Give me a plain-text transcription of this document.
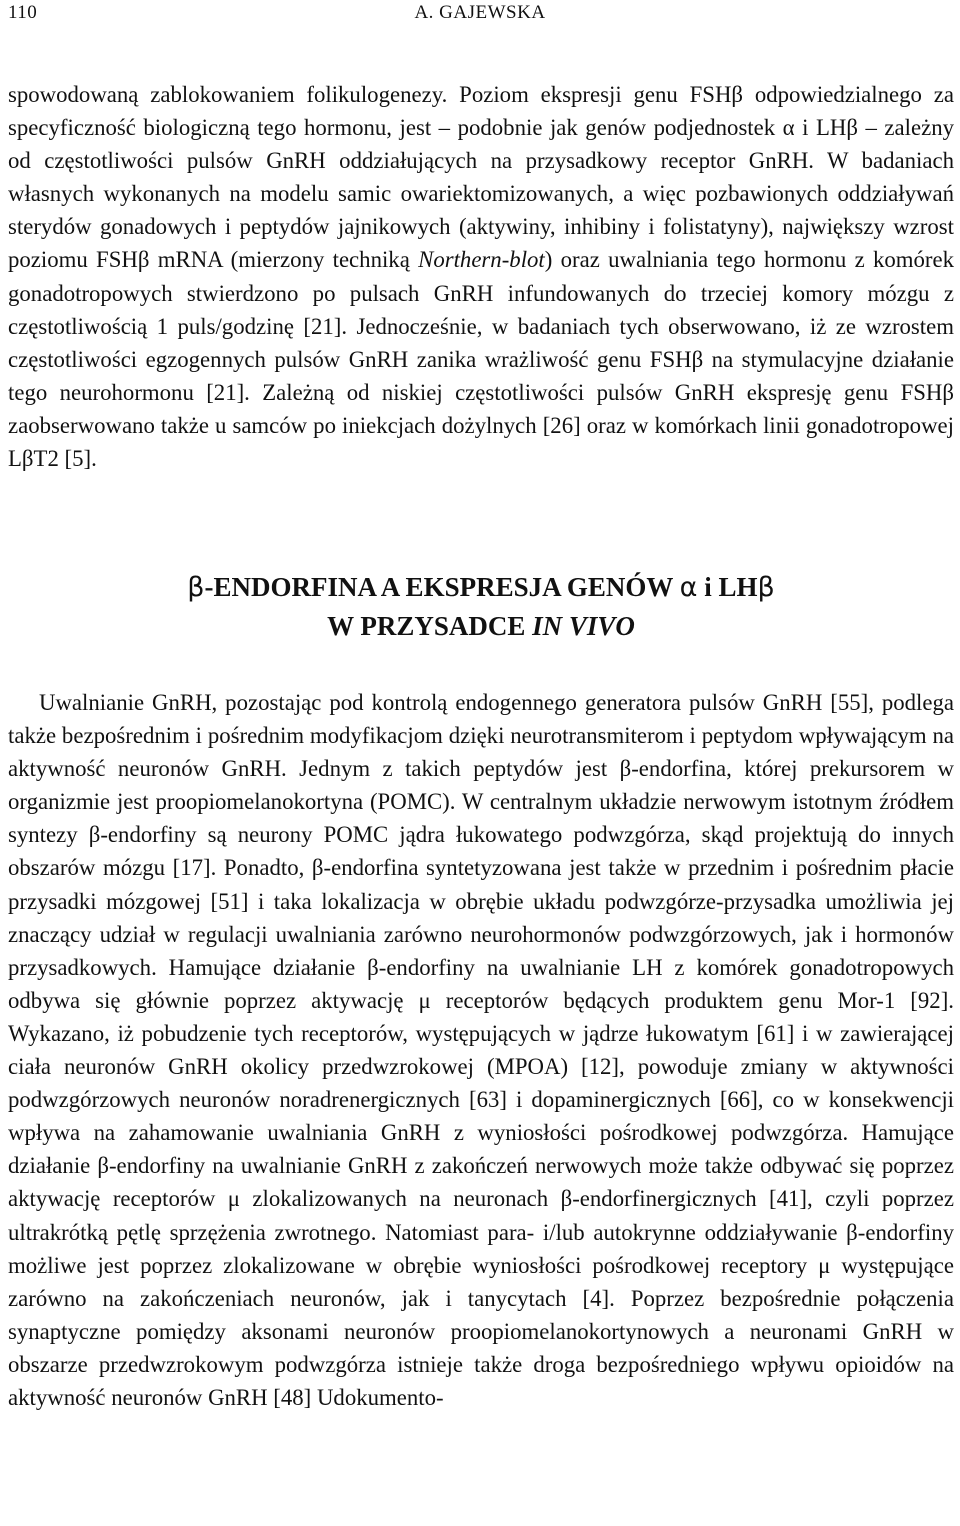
110	A. GAJEWSKA

spowodowaną zablokowaniem folikulogenezy. Poziom ekspresji genu FSHβ odpowiedzialnego za specyficzność biologiczną tego hormonu, jest – podobnie jak genów podjednostek α i LHβ – zależny od częstotliwości pulsów GnRH oddziałujących na przysadkowy receptor GnRH. W badaniach własnych wykonanych na modelu samic owariektomizowanych, a więc pozbawionych oddziaływań sterydów gonadowych i peptydów jajnikowych (aktywiny, inhibiny i folistatyny), największy wzrost poziomu FSHβ mRNA (mierzony techniką Northern-blot) oraz uwalniania tego hormonu z komórek gonadotropowych stwierdzono po pulsach GnRH infundowanych do trzeciej komory mózgu z częstotliwością 1 puls/godzinę [21]. Jednocześnie, w badaniach tych obserwowano, iż ze wzrostem częstotliwości egzogennych pulsów GnRH zanika wrażliwość genu FSHβ na stymulacyjne działanie tego neurohormonu [21]. Zależną od niskiej częstotliwości pulsów GnRH ekspresję genu FSHβ zaobserwowano także u samców po iniekcjach dożylnych [26] oraz w komórkach linii gonadotropowej LβT2 [5].

β-ENDORFINA A EKSPRESJA GENÓW α i LHβ
W PRZYSADCE IN VIVO

Uwalnianie GnRH, pozostając pod kontrolą endogennego generatora pulsów GnRH [55], podlega także bezpośrednim i pośrednim modyfikacjom dzięki neurotransmiterom i peptydom wpływającym na aktywność neuronów GnRH. Jednym z takich peptydów jest β-endorfina, której prekursorem w organizmie jest proopiomelanokortyna (POMC). W centralnym układzie nerwowym istotnym źródłem syntezy β-endorfiny są neurony POMC jądra łukowatego podwzgórza, skąd projektują do innych obszarów mózgu [17]. Ponadto, β-endorfina syntetyzowana jest także w przednim i pośrednim płacie przysadki mózgowej [51] i taka lokalizacja w obrębie układu podwzgórze-przysadka umożliwia jej znaczący udział w regulacji uwalniania zarówno neurohormonów podwzgórzowych, jak i hormonów przysadkowych. Hamujące działanie β-endorfiny na uwalnianie LH z komórek gonadotropowych odbywa się głównie poprzez aktywację μ receptorów będących produktem genu Mor-1 [92]. Wykazano, iż pobudzenie tych receptorów, występujących w jądrze łukowatym [61] i w zawierającej ciała neuronów GnRH okolicy przedwzrokowej (MPOA) [12], powoduje zmiany w aktywności podwzgórzowych neuronów noradrenergicznych [63] i dopaminergicznych [66], co w konsekwencji wpływa na zahamowanie uwalniania GnRH z wyniosłości pośrodkowej podwzgórza. Hamujące działanie β-endorfiny na uwalnianie GnRH z zakończeń nerwowych może także odbywać się poprzez aktywację receptorów μ zlokalizowanych na neuronach β-endorfinergicznych [41], czyli poprzez ultrakrótką pętlę sprzężenia zwrotnego. Natomiast para- i/lub autokrynne oddziaływanie β-endorfiny możliwe jest poprzez zlokalizowane w obrębie wyniosłości pośrodkowej receptory μ występujące zarówno na zakończeniach neuronów, jak i tanycytach [4]. Poprzez bezpośrednie połączenia synaptyczne pomiędzy aksonami neuronów proopiomelanokortynowych a neuronami GnRH w obszarze przedwzrokowym podwzgórza istnieje także droga bezpośredniego wpływu opioidów na aktywność neuronów GnRH [48] Udokumento-
